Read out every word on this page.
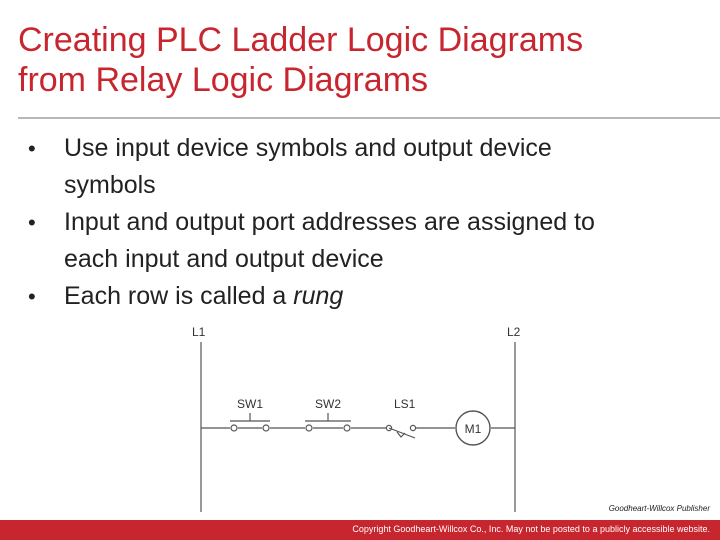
Creating PLC Ladder Logic Diagrams
from Relay Logic Diagrams
• Use input device symbols and output device
symbols
• Input and output port addresses are assigned to
each input and output device
• Each row is called a rung
L1	L2
SW1	SW2	LS1
M1
Goodheart-Willcox Publisher
Copyright Goodheart-Willcox Co., Inc. May not be posted to a publicly accessible website.
